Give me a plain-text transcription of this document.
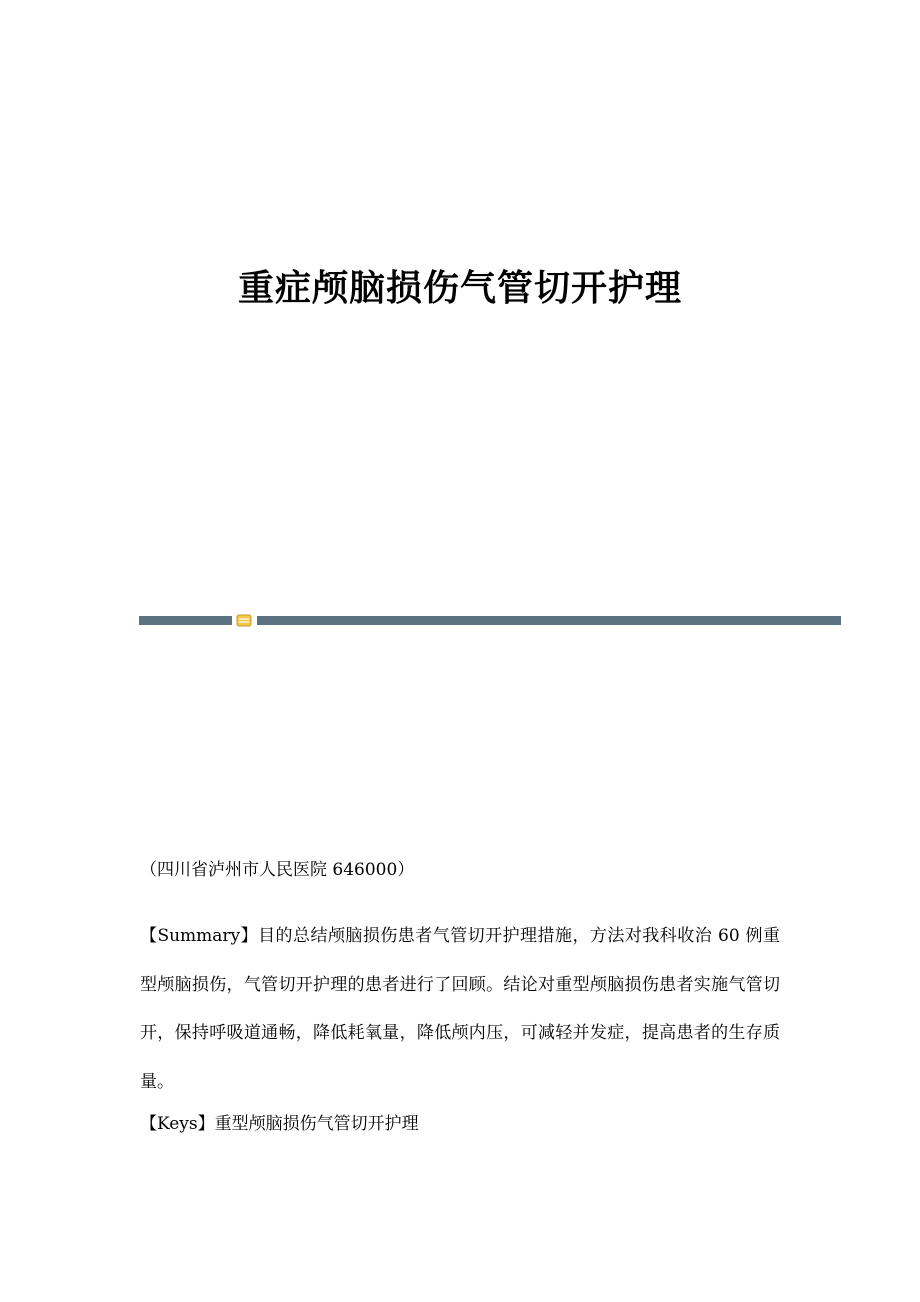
重症颅脑损伤气管切开护理
（四川省泸州市人民医院 646000）
【Summary】目的总结颅脑损伤患者气管切开护理措施，方法对我科收治 60 例重型颅脑损伤，气管切开护理的患者进行了回顾。结论对重型颅脑损伤患者实施气管切开，保持呼吸道通畅，降低耗氧量，降低颅内压，可减轻并发症，提高患者的生存质量。
【Keys】重型颅脑损伤气管切开护理
